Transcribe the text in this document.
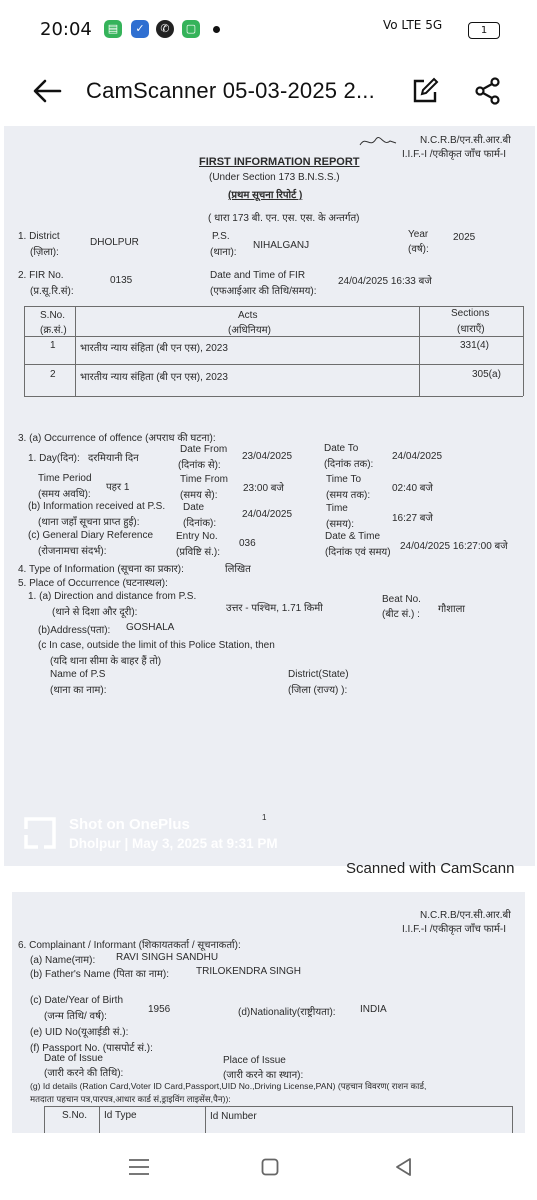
20:04	▤	✓	✆	▢	Vo LTE 5G	1
CamScanner 05-03-2025 2...
N.C.R.B/एन.सी.आर.बी
I.I.F.-I /एकीकृत जाँच फार्म-I
FIRST INFORMATION REPORT
(Under Section 173 B.N.S.S.)
(प्रथम सूचना रिपोर्ट )
( धारा 173 बी. एन. एस. एस. के अन्तर्गत)
1. District
(ज़िला):
DHOLPUR
P.S.
(थाना):
NIHALGANJ
Year
(वर्ष):
2025
2. FIR No.
(प्र.सू.रि.सं):
0135	Date and Time of FIR
(एफआईआर की तिथि/समय):
24/04/2025 16:33 बजे
S.No.
(क्र.सं.)
Acts
(अधिनियम)
Sections
(धाराएँ)
1 भारतीय न्याय संहिता (बी एन एस), 2023	331(4)
2 भारतीय न्याय संहिता (बी एन एस), 2023	305(a)
3. (a) Occurrence of offence (अपराध की घटना):
1. Day(दिन): दरमियानी दिन
Date From
(दिनांक से):
23/04/2025
Date To
(दिनांक तक):
24/04/2025
Time Period
(समय अवधि):
पहर 1
Time From
(समय से):
23:00 बजे
Time To
(समय तक):
02:40 बजे
(b) Information received at P.S.
(थाना जहाँ सूचना प्राप्त हुई):
Date
(दिनांक):
24/04/2025
Time
(समय):
16:27 बजे
(c) General Diary Reference
(रोजनामचा संदर्भ):
Entry No.
(प्रविष्टि सं.):
036
Date & Time
(दिनांक एवं समय)
24/04/2025 16:27:00 बजे
4. Type of Information (सूचना का प्रकार):	लिखित
5. Place of Occurrence (घटनास्थल):
1. (a) Direction and distance from P.S.
(थाने से दिशा और दूरी):	उत्तर - पश्चिम, 1.71 किमी
Beat No.
(बीट सं.) : गौशाला
(b)Address(पता): GOSHALA
(c In case, outside the limit of this Police Station, then
(यदि थाना सीमा के बाहर हैं तो)
Name of P.S
(थाना का नाम):
District(State)
(जिला (राज्य) ):
1
Shot on OnePlus
Dholpur | May 3, 2025 at 9:31 PM
Scanned with CamScann
N.C.R.B/एन.सी.आर.बी
I.I.F.-I /एकीकृत जाँच फार्म-I
6. Complainant / Informant (शिकायतकर्ता / सूचनाकर्ता):
(a) Name(नाम): RAVI SINGH SANDHU
(b) Father's Name (पिता का नाम):	TRILOKENDRA SINGH
(c) Date/Year of Birth
(जन्म तिथि/ वर्ष):
1956	(d)Nationality(राष्ट्रीयता): INDIA
(e) UID No(यूआईडी सं.):
(f) Passport No. (पासपोर्ट सं.):
Date of Issue
(जारी करने की तिथि):
Place of Issue
(जारी करने का स्थान):
(g) Id details (Ration Card,Voter ID Card,Passport,UID No.,Driving License,PAN) (पहचान विवरण( राशन कार्ड,
मतदाता पहचान पत्र,पारपत्र,आधार कार्ड सं,ड्राइविंग लाइसेंस,पैन)):
S.No. Id Type	Id Number
